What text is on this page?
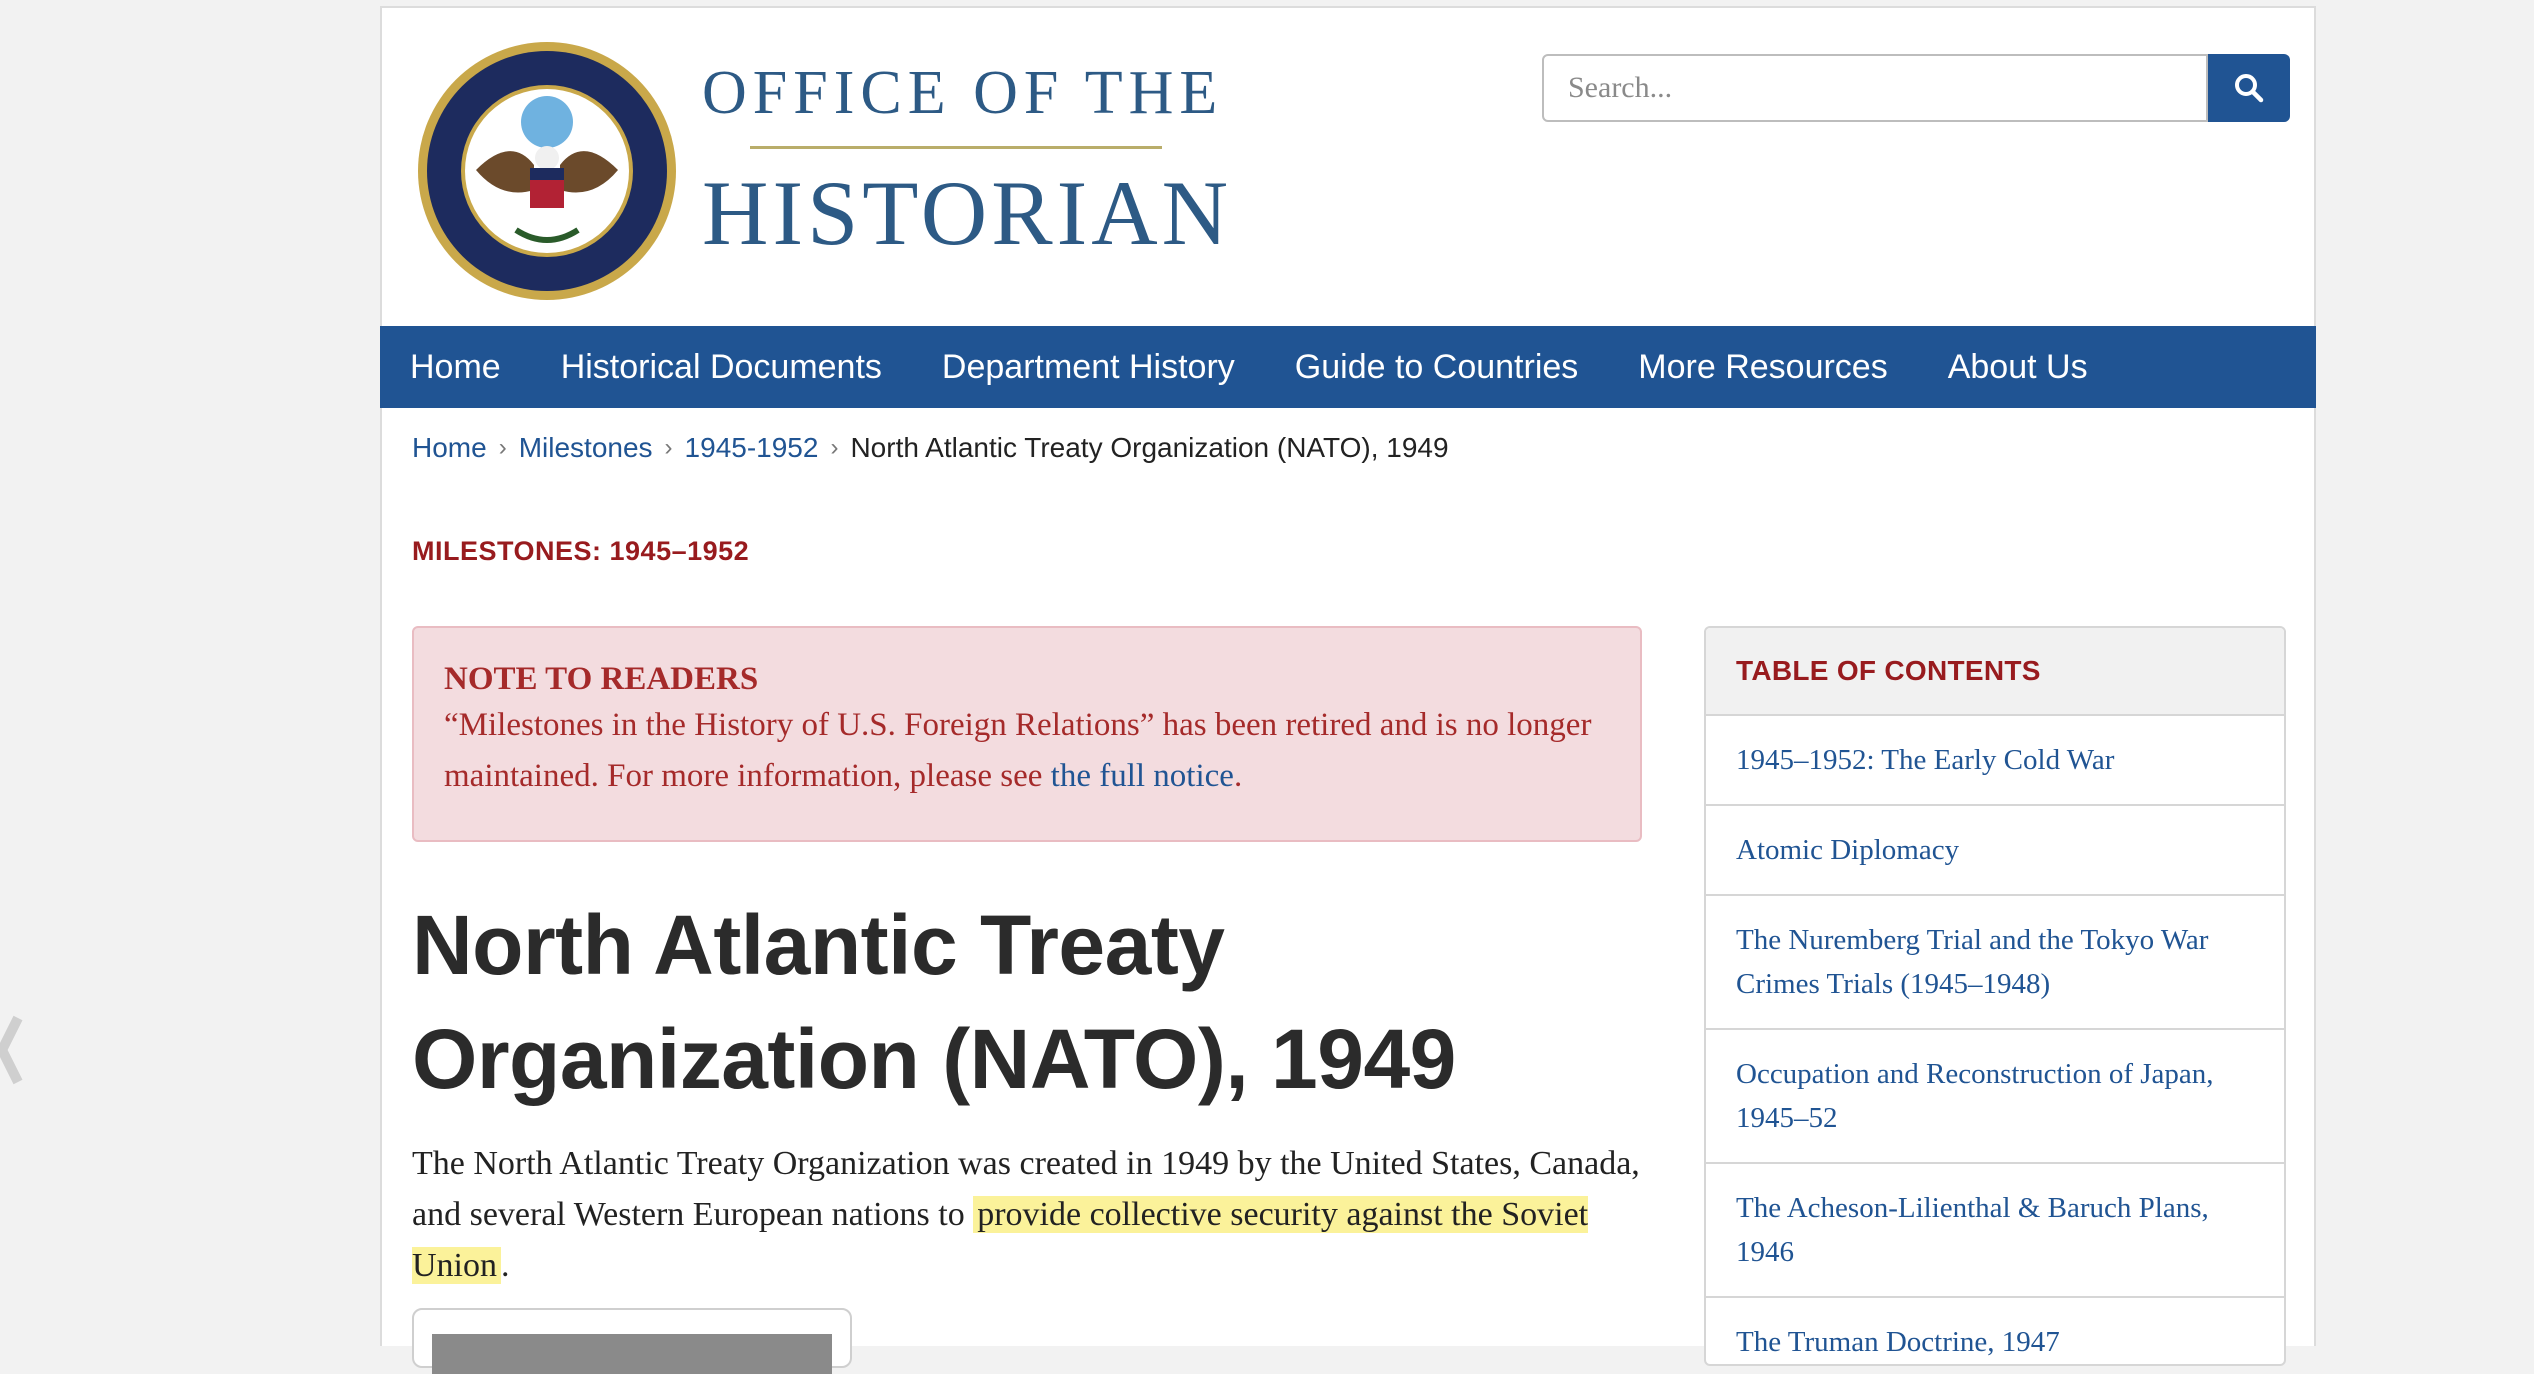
OFFICE OF THE
HISTORIAN
Search...
Home Historical Documents Department History Guide to Countries More Resources About Us
Home › Milestones › 1945-1952 › North Atlantic Treaty Organization (NATO), 1949
MILESTONES: 1945–1952
NOTE TO READERS
“Milestones in the History of U.S. Foreign Relations” has been retired and is no longer maintained. For more information, please see the full notice.
North Atlantic Treaty Organization (NATO), 1949
The North Atlantic Treaty Organization was created in 1949 by the United States, Canada, and several Western European nations to provide collective security against the Soviet Union .
TABLE OF CONTENTS
1945–1952: The Early Cold War
Atomic Diplomacy
The Nuremberg Trial and the Tokyo War Crimes Trials (1945–1948)
Occupation and Reconstruction of Japan, 1945–52
The Acheson-Lilienthal & Baruch Plans, 1946
The Truman Doctrine, 1947
